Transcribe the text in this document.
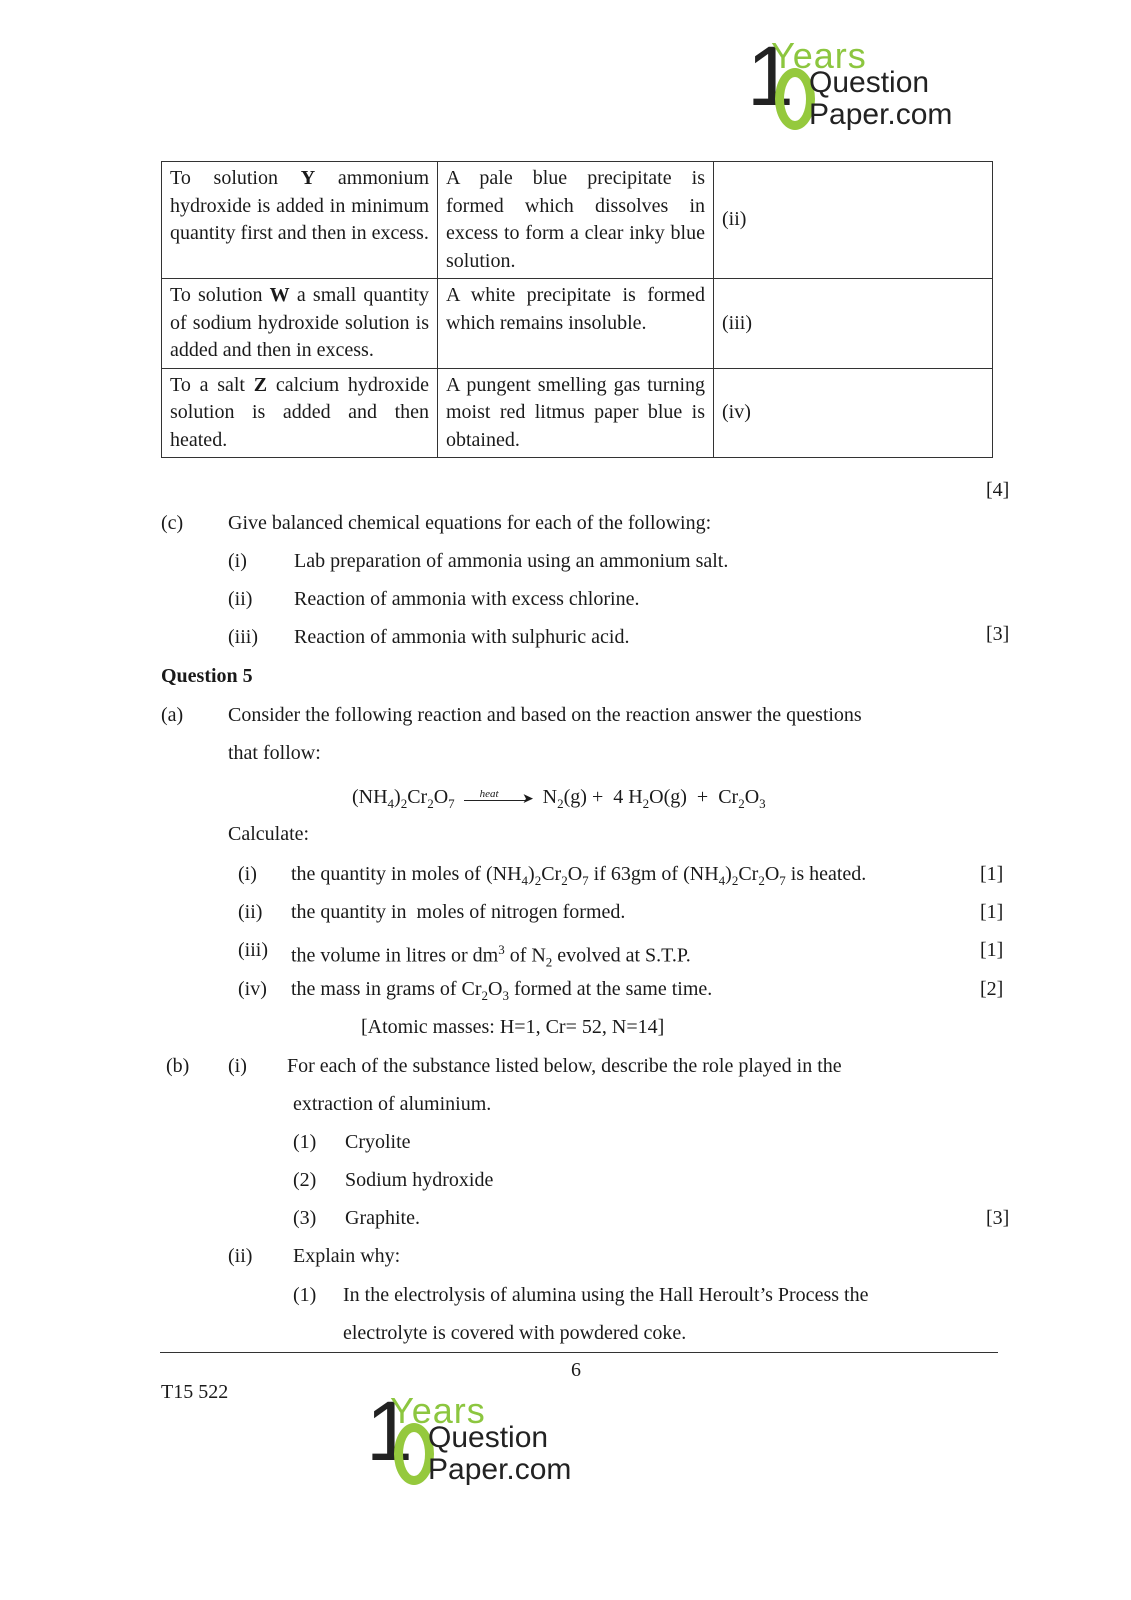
1
Years
Question
Paper.com
To solution Y ammonium hydroxide is added in minimum quantity first and then in excess.	A pale blue precipitate is formed which dissolves in excess to form a clear inky blue solution.	(ii)
To solution W a small quantity of sodium hydroxide solution is added and then in excess.	A white precipitate is formed which remains insoluble.	(iii)
To a salt Z calcium hydroxide solution is added and then heated.	A pungent smelling gas turning moist red litmus paper blue is obtained.	(iv)
[4]
(c) Give balanced chemical equations for each of the following:
(i) Lab preparation of ammonia using an ammonium salt.
(ii) Reaction of ammonia with excess chlorine.
(iii) Reaction of ammonia with sulphuric acid.	[3]
Question 5
(a) Consider the following reaction and based on the reaction answer the questions
that follow:
$(NH_4)_2Cr_2O_7$
heat ➤ $N_2(g) + 4$ $H_2O(g) + Cr_2O_3$
Calculate:
(i) the quantity in moles of $(NH_4)_2Cr_2O_7$ if 63gm of $(NH_4)_2Cr_2O_7$ is heated.	[1]
(ii) the quantity in  moles of nitrogen formed.	[1]
(iii) the volume in litres or $dm^3$ of $N_2$ evolved at S.T.P.	[1]
(iv) the mass in grams of $Cr_2O_3$ formed at the same time.	[2]
[Atomic masses: H=1, Cr= 52, N=14]
(b) (i) For each of the substance listed below, describe the role played in the
extraction of aluminium.
(1) Cryolite
(2) Sodium hydroxide
(3) Graphite.	[3]
(ii) Explain why:
(1) In the electrolysis of alumina using the Hall Heroult’s Process the
electrolyte is covered with powdered coke.
6
T15 522 1
Years
Question
Paper.com
